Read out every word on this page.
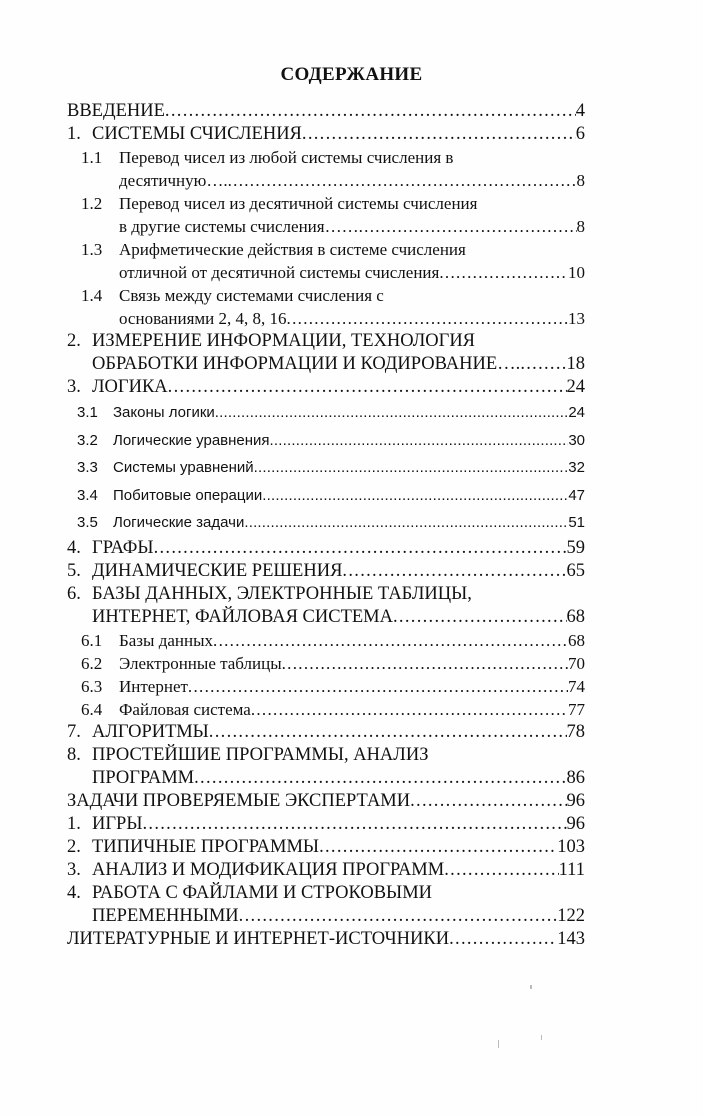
СОДЕРЖАНИЕ
ВВЕДЕНИЕ .....	4
1. СИСТЕМЫ СЧИСЛЕНИЯ .....	6
1.1 Перевод чисел из любой системы счисления в
десятичную…. .....	8
1.2 Перевод чисел из десятичной системы счисления
в другие системы счисления…… .....	8
1.3 Арифметические действия в системе счисления
отличной от десятичной системы счисления .....	10
1.4 Связь между системами счисления с
основаниями 2, 4, 8, 16 .....	13
2. ИЗМЕРЕНИЕ ИНФОРМАЦИИ, ТЕХНОЛОГИЯ
ОБРАБОТКИ ИНФОРМАЦИИ И КОДИРОВАНИЕ…. ..... 18
3. ЛОГИКА .....	24
3.1	Законы логики .....	24
3.2	Логические уравнения .....	30
3.3	Системы уравнений .....	.32
3.4	Побитовые операции .....	47
3.5	Логические задачи .....	51
4. ГРАФЫ .....	59
5. ДИНАМИЧЕСКИЕ РЕШЕНИЯ .....	65
6. БАЗЫ ДАННЫХ, ЭЛЕКТРОННЫЕ ТАБЛИЦЫ,
ИНТЕРНЕТ, ФАЙЛОВАЯ СИСТЕМА .....	68
6.1 Базы данных .....	68
6.2 Электронные таблицы .....	70
6.3 Интернет .....	74
6.4 Файловая система .....	77
7. АЛГОРИТМЫ .....	78
8. ПРОСТЕЙШИЕ ПРОГРАММЫ, АНАЛИЗ
ПРОГРАММ .....	86
ЗАДАЧИ ПРОВЕРЯЕМЫЕ ЭКСПЕРТАМИ .....	96
1. ИГРЫ .....	96
2. ТИПИЧНЫЕ ПРОГРАММЫ .....	103
3. АНАЛИЗ И МОДИФИКАЦИЯ ПРОГРАММ .....	111
4. РАБОТА С ФАЙЛАМИ И СТРОКОВЫМИ
ПЕРЕМЕННЫМИ .....	122
ЛИТЕРАТУРНЫЕ И ИНТЕРНЕТ-ИСТОЧНИКИ .....	143
